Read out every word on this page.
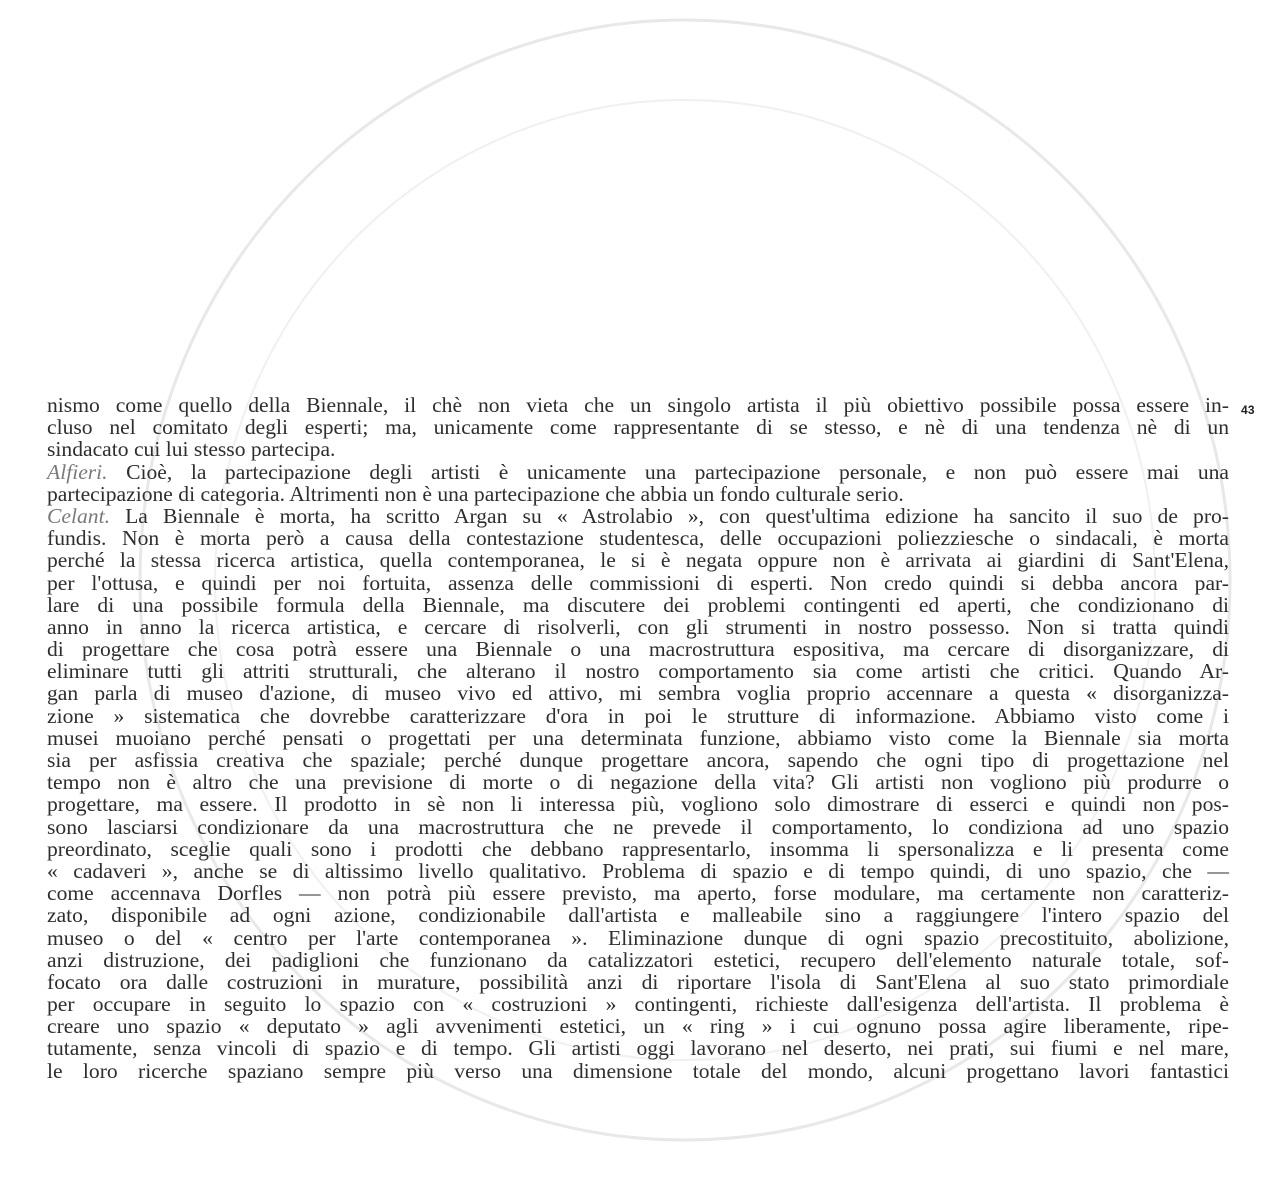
43
nismo come quello della Biennale, il chè non vieta che un singolo artista il più obiettivo possibile possa essere in-
cluso nel comitato degli esperti; ma, unicamente come rappresentante di se stesso, e nè di una tendenza nè di un
sindacato cui lui stesso partecipa.
Alfieri. Cioè, la partecipazione degli artisti è unicamente una partecipazione personale, e non può essere mai una
partecipazione di categoria. Altrimenti non è una partecipazione che abbia un fondo culturale serio.
Celant. La Biennale è morta, ha scritto Argan su « Astrolabio », con quest'ultima edizione ha sancito il suo de pro-
fundis. Non è morta però a causa della contestazione studentesca, delle occupazioni poliezziesche o sindacali, è morta
perché la stessa ricerca artistica, quella contemporanea, le si è negata oppure non è arrivata ai giardini di Sant'Elena,
per l'ottusa, e quindi per noi fortuita, assenza delle commissioni di esperti. Non credo quindi si debba ancora par-
lare di una possibile formula della Biennale, ma discutere dei problemi contingenti ed aperti, che condizionano di
anno in anno la ricerca artistica, e cercare di risolverli, con gli strumenti in nostro possesso. Non si tratta quindi
di progettare che cosa potrà essere una Biennale o una macrostruttura espositiva, ma cercare di disorganizzare, di
eliminare tutti gli attriti strutturali, che alterano il nostro comportamento sia come artisti che critici. Quando Ar-
gan parla di museo d'azione, di museo vivo ed attivo, mi sembra voglia proprio accennare a questa « disorganizza-
zione » sistematica che dovrebbe caratterizzare d'ora in poi le strutture di informazione. Abbiamo visto come i
musei muoiano perché pensati o progettati per una determinata funzione, abbiamo visto come la Biennale sia morta
sia per asfissia creativa che spaziale; perché dunque progettare ancora, sapendo che ogni tipo di progettazione nel
tempo non è altro che una previsione di morte o di negazione della vita? Gli artisti non vogliono più produrre o
progettare, ma essere. Il prodotto in sè non li interessa più, vogliono solo dimostrare di esserci e quindi non pos-
sono lasciarsi condizionare da una macrostruttura che ne prevede il comportamento, lo condiziona ad uno spazio
preordinato, sceglie quali sono i prodotti che debbano rappresentarlo, insomma li spersonalizza e li presenta come
« cadaveri », anche se di altissimo livello qualitativo. Problema di spazio e di tempo quindi, di uno spazio, che —
come accennava Dorfles — non potrà più essere previsto, ma aperto, forse modulare, ma certamente non caratteriz-
zato, disponibile ad ogni azione, condizionabile dall'artista e malleabile sino a raggiungere l'intero spazio del
museo o del « centro per l'arte contemporanea ». Eliminazione dunque di ogni spazio precostituito, abolizione,
anzi distruzione, dei padiglioni che funzionano da catalizzatori estetici, recupero dell'elemento naturale totale, sof-
focato ora dalle costruzioni in murature, possibilità anzi di riportare l'isola di Sant'Elena al suo stato primordiale
per occupare in seguito lo spazio con « costruzioni » contingenti, richieste dall'esigenza dell'artista. Il problema è
creare uno spazio « deputato » agli avvenimenti estetici, un « ring » i cui ognuno possa agire liberamente, ripe-
tutamente, senza vincoli di spazio e di tempo. Gli artisti oggi lavorano nel deserto, nei prati, sui fiumi e nel mare,
le loro ricerche spaziano sempre più verso una dimensione totale del mondo, alcuni progettano lavori fantastici
